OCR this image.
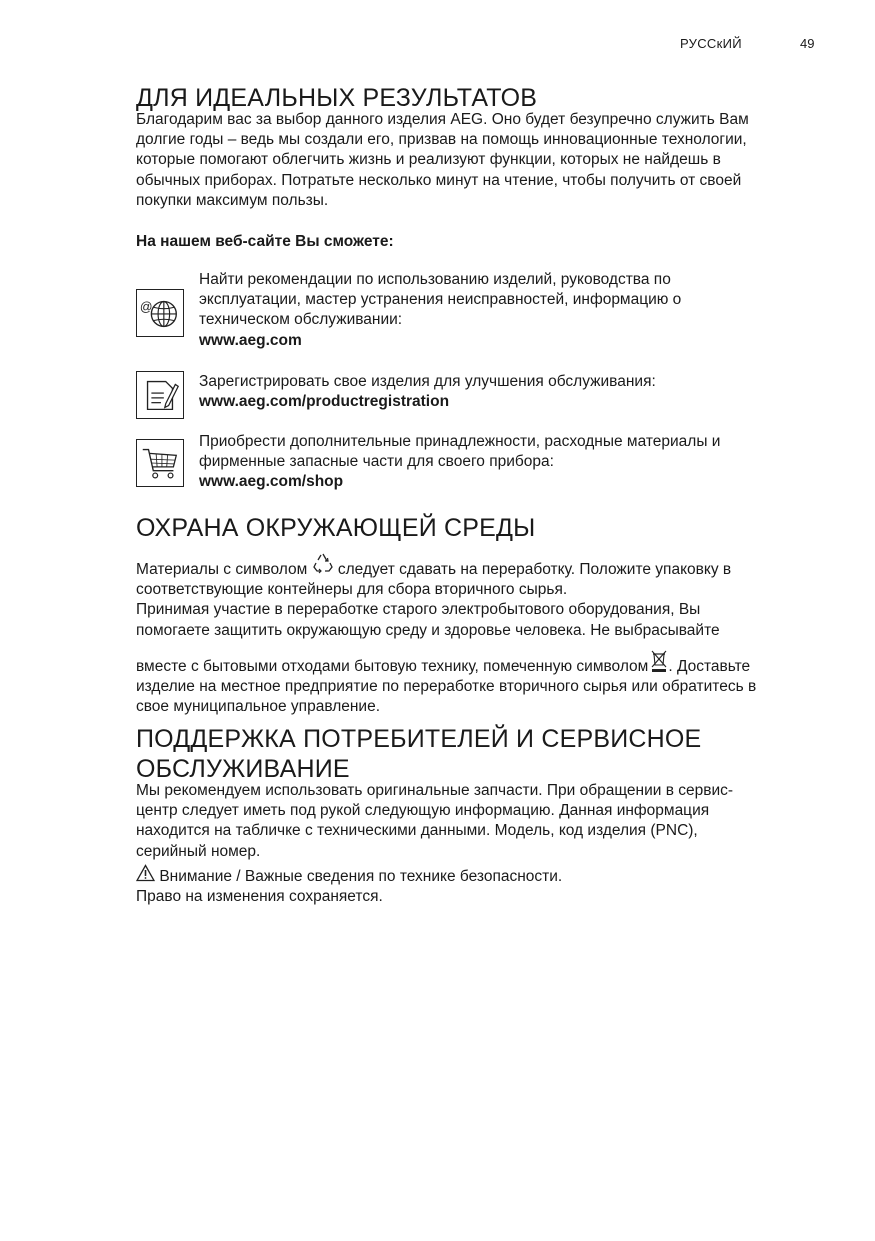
РУССкИЙ	49
ДЛЯ ИДЕАЛЬНЫХ РЕЗУЛЬТАТОВ
Благодарим вас за выбор данного изделия AEG. Оно будет безупречно служить Вам
долгие годы – ведь мы создали его, призвав на помощь инновационные технологии,
которые помогают облегчить жизнь и реализуют функции, которых не найдешь в
обычных приборах. Потратьте несколько минут на чтение, чтобы получить от своей
покупки максимум пользы.
На нашем веб-сайте Вы сможете:
@
Найти рекомендации по использованию изделий, руководства по
эксплуатации, мастер устранения неисправностей, информацию о
техническом обслуживании:
www.aeg.com
Зарегистрировать свое изделия для улучшения обслуживания:
www.aeg.com/productregistration
Приобрести дополнительные принадлежности, расходные материалы и
фирменные запасные части для своего прибора:
www.aeg.com/shop
ОХРАНА ОКРУЖАЮЩЕЙ СРЕДЫ
Материалы с символом следует сдавать на переработку. Положите упаковку в
соответствующие контейнеры для сбора вторичного сырья.
Принимая участие в переработке старого электробытового оборудования, Вы
помогаете защитить окружающую среду и здоровье человека. Не выбрасывайте
вместе с бытовыми отходами бытовую технику, помеченную символом . Доставьте
изделие на местное предприятие по переработке вторичного сырья или обратитесь в
свое муниципальное управление.
ПОДДЕРЖКА ПОТРЕБИТЕЛЕЙ И СЕРВИСНОЕ
ОБСЛУЖИВАНИЕ
Мы рекомендуем использовать оригинальные запчасти. При обращении в сервис-
центр следует иметь под рукой следующую информацию. Данная информация
находится на табличке с техническими данными. Модель, код изделия (PNC),
серийный номер.
Внимание / Важные сведения по технике безопасности.
Право на изменения сохраняется.
